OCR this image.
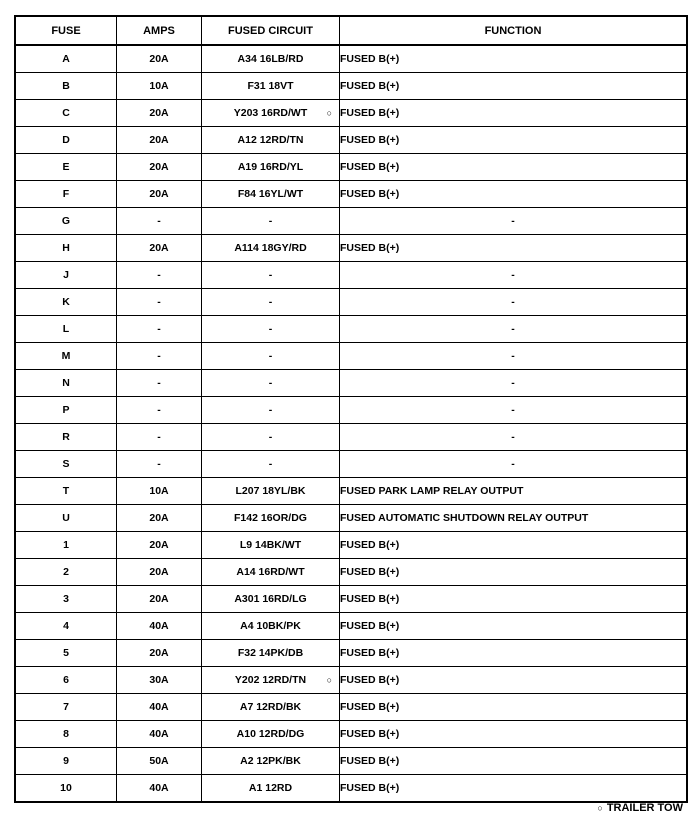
FUSE	AMPS	FUSED CIRCUIT	FUNCTION
A	20A	A34 16LB/RD	FUSED B(+)
B	10A	F31 18VT	FUSED B(+)
C	20A	Y203 16RD/WT ○	FUSED B(+)
D	20A	A12 12RD/TN	FUSED B(+)
E	20A	A19 16RD/YL	FUSED B(+)
F	20A	F84 16YL/WT	FUSED B(+)
G	-	-	-
H	20A	A114 18GY/RD	FUSED B(+)
J	-	-	-
K	-	-	-
L	-	-	-
M	-	-	-
N	-	-	-
P	-	-	-
R	-	-	-
S	-	-	-
T	10A	L207 18YL/BK	FUSED PARK LAMP RELAY OUTPUT
U	20A	F142 16OR/DG	FUSED AUTOMATIC SHUTDOWN RELAY OUTPUT
1	20A	L9 14BK/WT	FUSED B(+)
2	20A	A14 16RD/WT	FUSED B(+)
3	20A	A301 16RD/LG	FUSED B(+)
4	40A	A4 10BK/PK	FUSED B(+)
5	20A	F32 14PK/DB	FUSED B(+)
6	30A	Y202 12RD/TN ○	FUSED B(+)
7	40A	A7 12RD/BK	FUSED B(+)
8	40A	A10 12RD/DG	FUSED B(+)
9	50A	A2 12PK/BK	FUSED B(+)
10	40A	A1 12RD	FUSED B(+)
○ TRAILER TOW
